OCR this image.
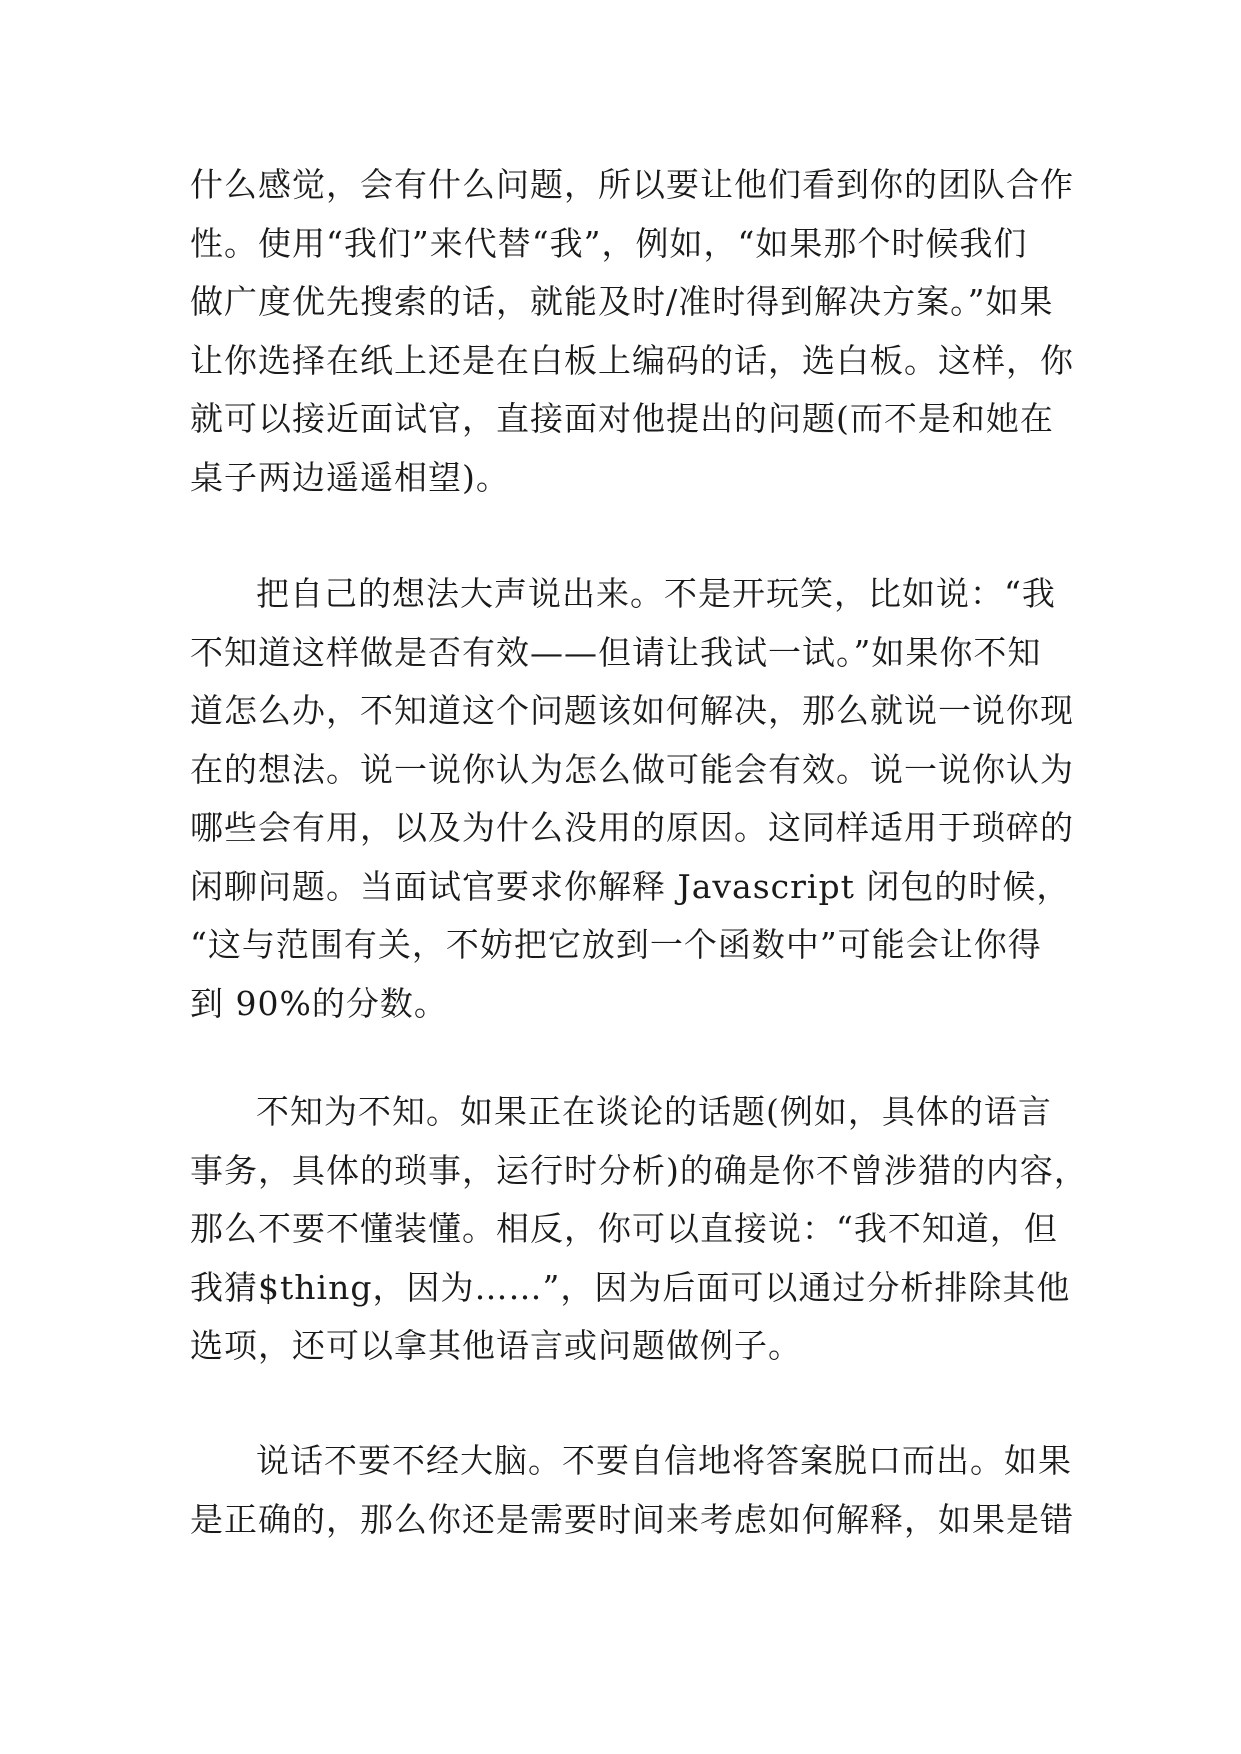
什么感觉，会有什么问题，所以要让他们看到你的团队合作
性。使用“我们”来代替“我”，例如，“如果那个时候我们
做广度优先搜索的话，就能及时/准时得到解决方案。”如果
让你选择在纸上还是在白板上编码的话，选白板。这样，你
就可以接近面试官，直接面对他提出的问题(而不是和她在
桌子两边遥遥相望)。
把自己的想法大声说出来。不是开玩笑，比如说：“我
不知道这样做是否有效——但请让我试一试。”如果你不知
道怎么办，不知道这个问题该如何解决，那么就说一说你现
在的想法。说一说你认为怎么做可能会有效。说一说你认为
哪些会有用，以及为什么没用的原因。这同样适用于琐碎的
闲聊问题。当面试官要求你解释 Javascript 闭包的时候，
“这与范围有关，不妨把它放到一个函数中”可能会让你得
到 90%的分数。
不知为不知。如果正在谈论的话题(例如，具体的语言
事务，具体的琐事，运行时分析)的确是你不曾涉猎的内容，
那么不要不懂装懂。相反，你可以直接说：“我不知道，但
我猜$thing，因为……”，因为后面可以通过分析排除其他
选项，还可以拿其他语言或问题做例子。
说话不要不经大脑。不要自信地将答案脱口而出。如果
是正确的，那么你还是需要时间来考虑如何解释，如果是错
